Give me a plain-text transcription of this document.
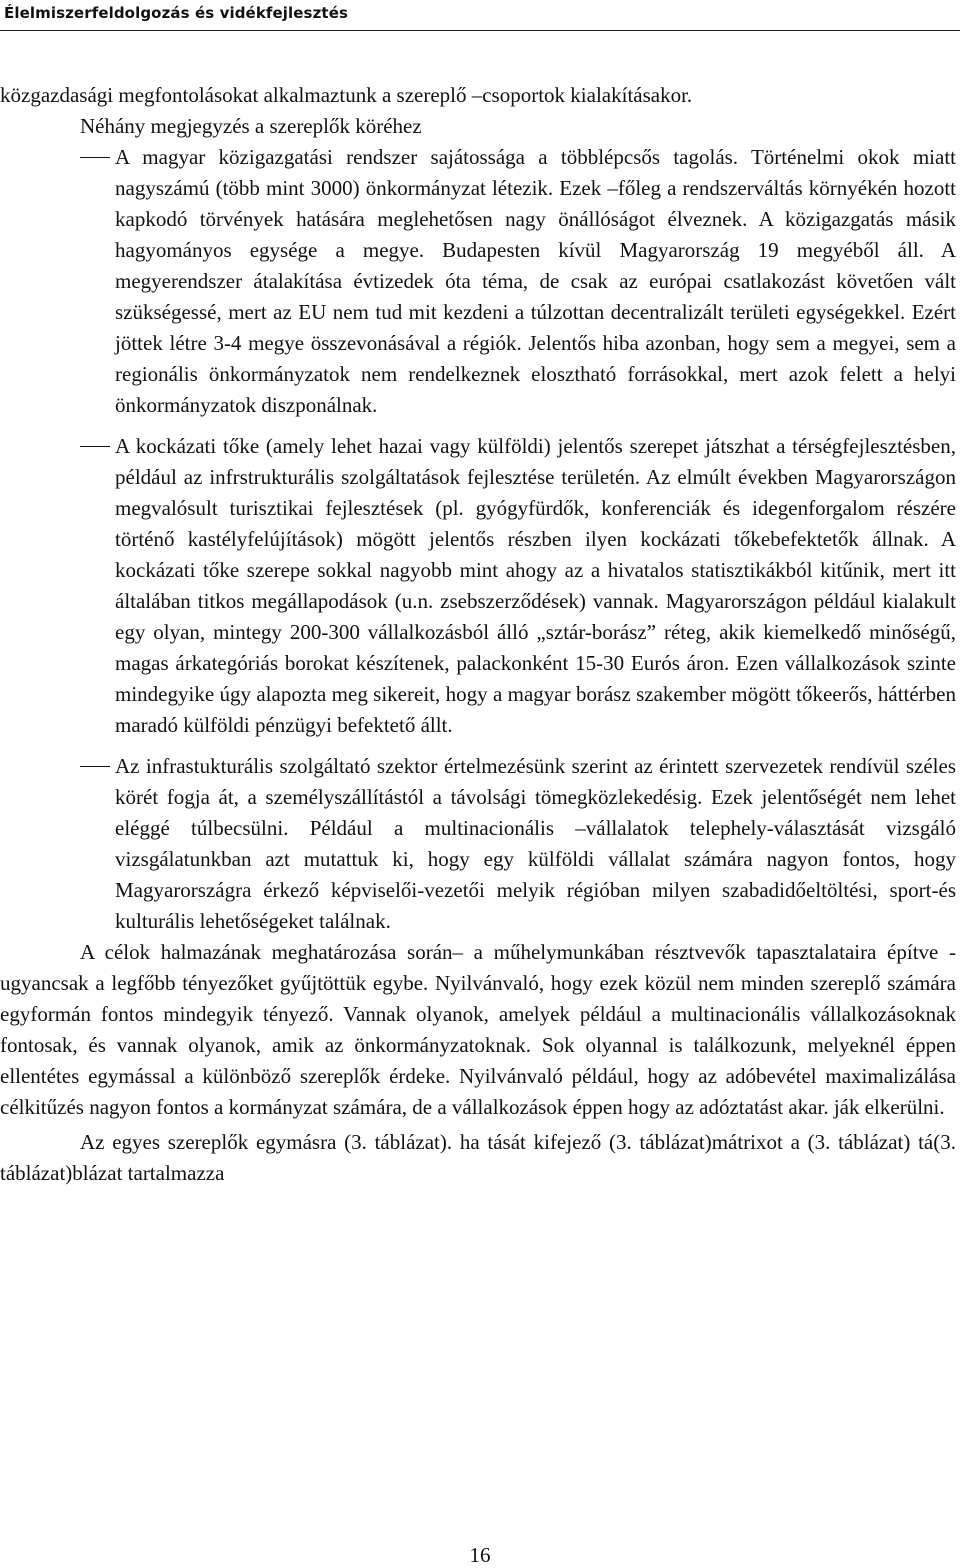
Élelmiszerfeldolgozás és vidékfejlesztés

közgazdasági megfontolásokat alkalmaztunk a szereplő –csoportok kialakításakor.

Néhány megjegyzés a szereplők köréhez

A magyar közigazgatási rendszer sajátossága a többlépcsős tagolás. Történelmi okok miatt nagyszámú (több mint 3000) önkormányzat létezik. Ezek –főleg a rendszerváltás környékén hozott kapkodó törvények hatására meglehetősen nagy önállóságot élveznek. A közigazgatás másik hagyományos egysége a megye. Budapesten kívül Magyarország 19 megyéből áll. A megyerendszer átalakítása évtizedek óta téma, de csak az európai csatlakozást követően vált szükségessé, mert az EU nem tud mit kezdeni a túlzottan decentralizált területi egységekkel. Ezért jöttek létre 3-4 megye összevonásával a régiók. Jelentős hiba azonban, hogy sem a megyei, sem a regionális önkormányzatok nem rendelkeznek elosztható forrásokkal, mert azok felett a helyi önkormányzatok diszponálnak.
A kockázati tőke (amely lehet hazai vagy külföldi) jelentős szerepet játszhat a térségfejlesztésben, például az infrstrukturális szolgáltatások fejlesztése területén. Az elmúlt években Magyarországon megvalósult turisztikai fejlesztések (pl. gyógyfürdők, konferenciák és idegenforgalom részére történő kastélyfelújítások) mögött jelentős részben ilyen kockázati tőkebefektetők állnak. A kockázati tőke szerepe sokkal nagyobb mint ahogy az a hivatalos statisztikákból kitűnik, mert itt általában titkos megállapodások (u.n. zsebszerződések) vannak. Magyarországon például kialakult egy olyan, mintegy 200-300 vállalkozásból álló „sztár-borász” réteg, akik kiemelkedő minőségű, magas árkategóriás borokat készítenek, palackonként 15-30 Eurós áron. Ezen vállalkozások szinte mindegyike úgy alapozta meg sikereit, hogy a magyar borász szakember mögött tőkeerős, háttérben maradó külföldi pénzügyi befektető állt.
Az infrastukturális szolgáltató szektor értelmezésünk szerint az érintett szervezetek rendívül széles körét fogja át, a személyszállítástól a távolsági tömegközlekedésig. Ezek jelentőségét nem lehet eléggé túlbecsülni. Például a multinacionális –vállalatok telephely-választását vizsgáló vizsgálatunkban azt mutattuk ki, hogy egy külföldi vállalat számára nagyon fontos, hogy Magyarországra érkező képviselői-vezetői melyik régióban milyen szabadidőeltöltési, sport-és kulturális lehetőségeket találnak.

A célok halmazának meghatározása során– a műhelymunkában résztvevők tapasztalataira építve -ugyancsak a legfőbb tényezőket gyűjtöttük egybe. Nyilvánvaló, hogy ezek közül nem minden szereplő számára egyformán fontos mindegyik tényező. Vannak olyanok, amelyek például a multinacionális vállalkozásoknak fontosak, és vannak olyanok, amik az önkormányzatoknak. Sok olyannal is találkozunk, melyeknél éppen ellentétes egymással a különböző szereplők érdeke. Nyilvánvaló például, hogy az adóbevétel maximalizálása célkitűzés nagyon fontos a kormányzat számára, de a vállalkozások éppen hogy az adóztatást akar. ják elkerülni.

Az egyes szereplők egymásra (3. táblázat). ha tását kifejező (3. táblázat)mátrixot a (3. táblázat) tá(3. táblázat)blázat tartalmazza

16
